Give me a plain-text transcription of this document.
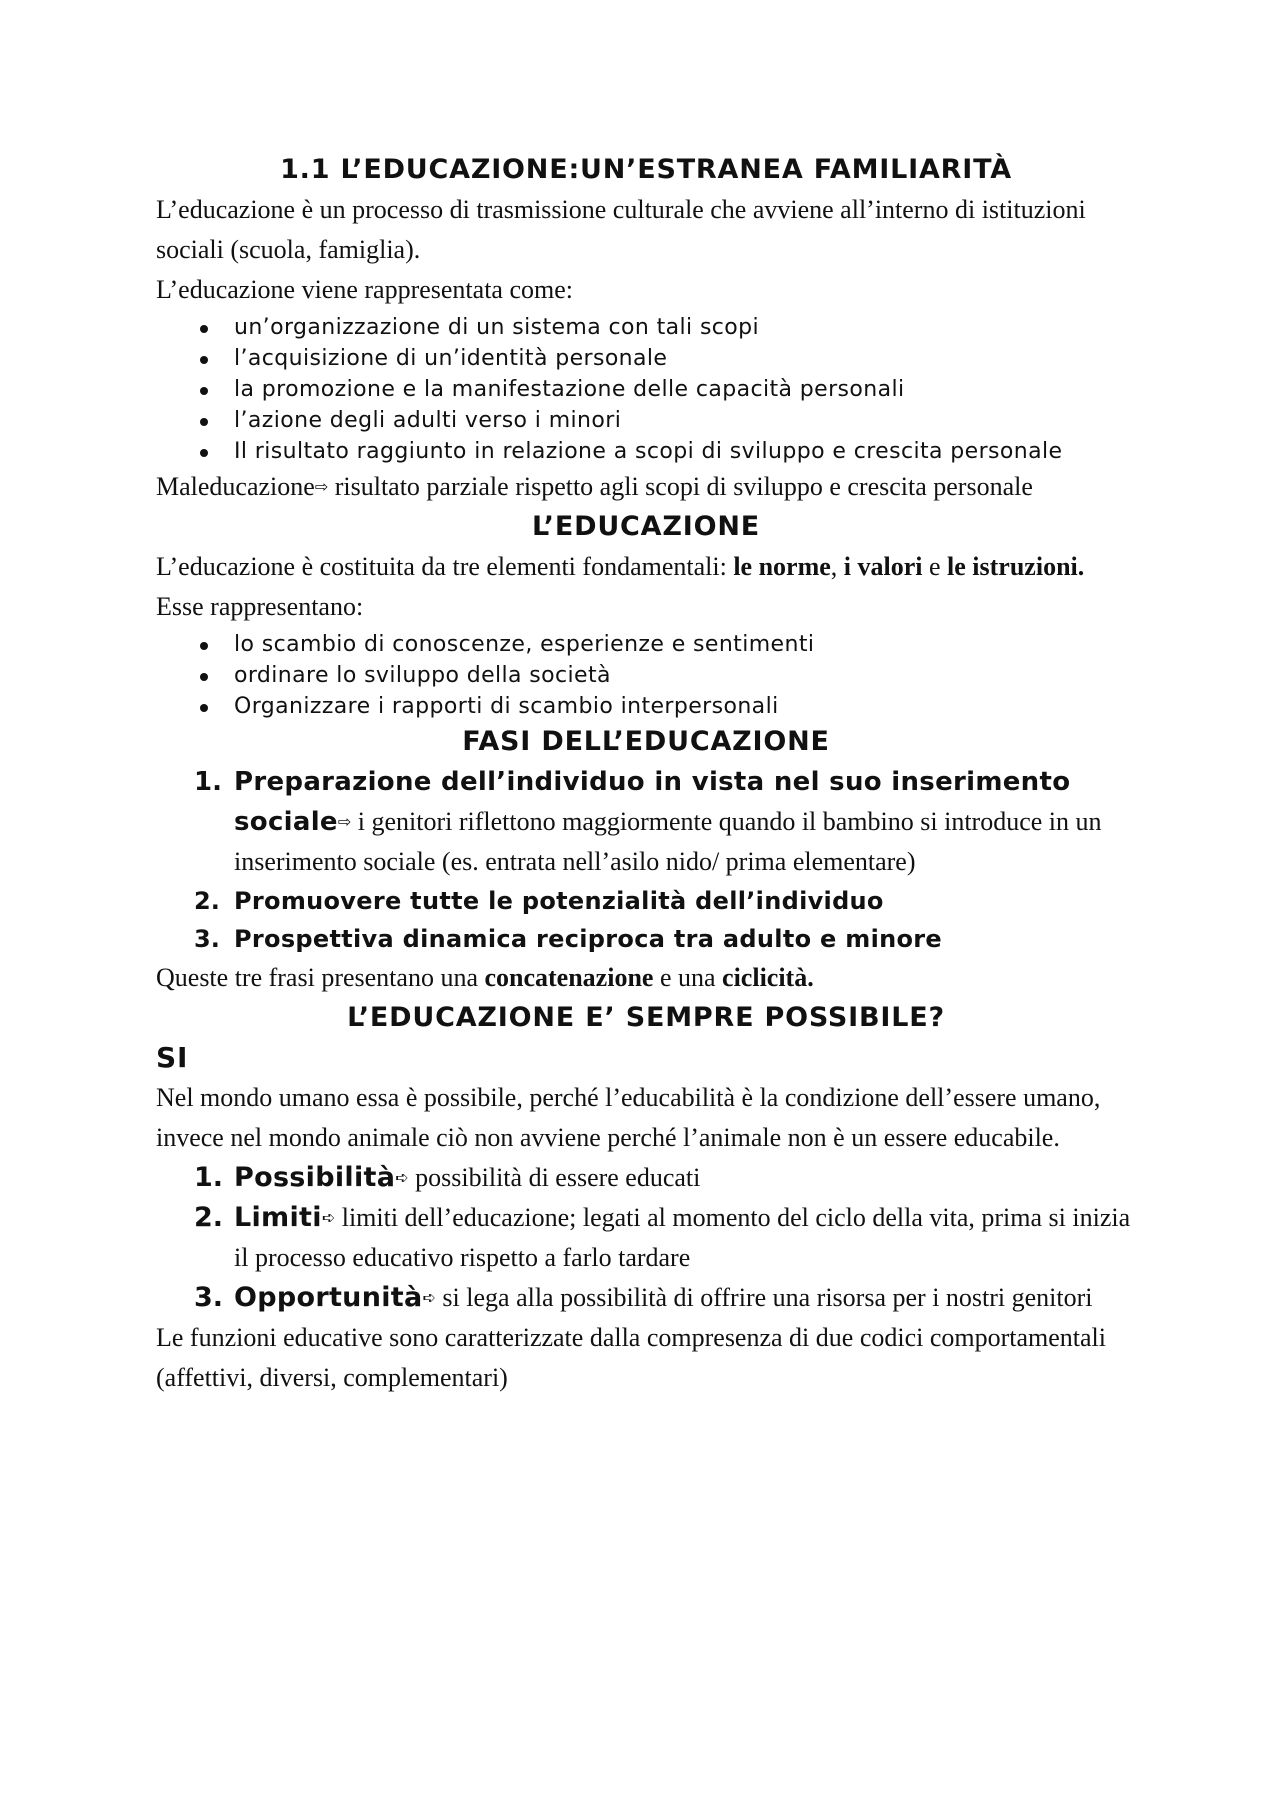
1.1 L’EDUCAZIONE:UN’ESTRANEA FAMILIARITÀ

L’educazione è un processo di trasmissione culturale che avviene all’interno di istituzioni sociali (scuola, famiglia).

L’educazione viene rappresentata come:

un’organizzazione di un sistema con tali scopi
l’acquisizione di un’identità personale
la promozione e la manifestazione delle capacità personali
l’azione degli adulti verso i minori
Il risultato raggiunto in relazione a scopi di sviluppo e crescita personale

Maleducazione⇨ risultato parziale rispetto agli scopi di sviluppo e crescita personale

L’EDUCAZIONE

L’educazione è costituita da tre elementi fondamentali: le norme, i valori e le istruzioni.

Esse rappresentano:

lo scambio di conoscenze, esperienze e sentimenti
ordinare lo sviluppo della società
Organizzare i rapporti di scambio interpersonali
FASI DELL’EDUCAZIONE
1. Preparazione dell’individuo in vista nel suo inserimento sociale⇨ i genitori riflettono maggiormente quando il bambino si introduce in un inserimento sociale (es. entrata nell’asilo nido/ prima elementare)
2. Promuovere tutte le potenzialità dell’individuo
3. Prospettiva dinamica reciproca tra adulto e minore

Queste tre frasi presentano una concatenazione e una ciclicità.

L’EDUCAZIONE E’ SEMPRE POSSIBILE?
SI

Nel mondo umano essa è possibile, perché l’educabilità è la condizione dell’essere umano, invece nel mondo animale ciò non avviene perché l’animale non è un essere educabile.

1. Possibilità➪ possibilità di essere educati
2. Limiti➪ limiti dell’educazione; legati al momento del ciclo della vita, prima si inizia il processo educativo rispetto a farlo tardare
3. Opportunità➪ si lega alla possibilità di offrire una risorsa per i nostri genitori

Le funzioni educative sono caratterizzate dalla compresenza di due codici comportamentali (affettivi, diversi, complementari)
